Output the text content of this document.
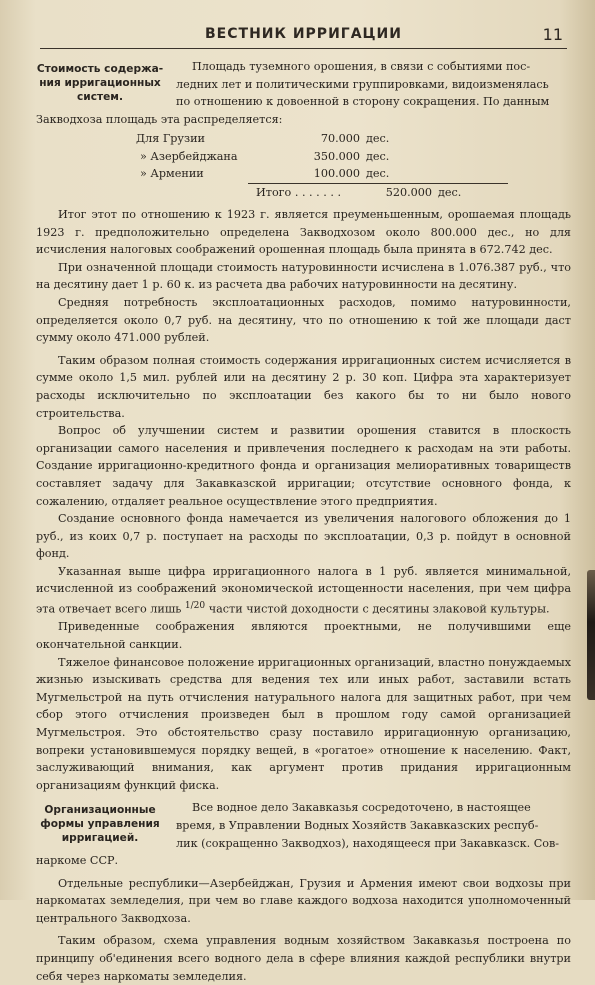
ВЕСТНИК ИРРИГАЦИИ	11
Стоимость содержа-
ния ирригационных
систем.
Площадь туземного орошения, в связи с событиями пос-
ледних лет и политическими группировками, видоизменялась
по отношению к довоенной в сторону сокращения. По данным

Закводхоза площадь эта распределяется:

Для Грузии	70.000 дес.
» Азербейджана	350.000 дес.
» Армении	100.000 дес.
Итого . . . . . . .	520.000 дес.

Итог этот по отношению к 1923 г. является преуменьшенным, орошаемая площадь 1923 г. предположительно определена Закводхозом около 800.000 дес., но для исчисления налоговых соображений орошенная площадь была принята в 672.742 дес.

При означенной площади стоимость натуровинности исчислена в 1.076.387 руб., что на десятину дает 1 р. 60 к. из расчета два рабочих натуровинности на десятину.

Средняя потребность эксплоатационных расходов, помимо натуровинности, определяется около 0,7 руб. на десятину, что по отношению к той же площади даст сумму около 471.000 рублей.

Таким образом полная стоимость содержания ирригационных систем исчисляется в сумме около 1,5 мил. рублей или на десятину 2 р. 30 коп. Цифра эта характеризует расходы исключительно по эксплоатации без какого бы то ни было нового строительства.

Вопрос об улучшении систем и развитии орошения ставится в плоскость организации самого населения и привлечения последнего к расходам на эти работы. Создание ирригационно-кредитного фонда и организация мелиоративных товариществ составляет задачу для Закавказской ирригации; отсутствие основного фонда, к сожалению, отдаляет реальное осуществление этого предприятия.

Создание основного фонда намечается из увеличения налогового обложения до 1 руб., из коих 0,7 р. поступает на расходы по эксплоатации, 0,3 р. пойдут в основной фонд.

Указанная выше цифра ирригационного налога в 1 руб. является минимальной, исчисленной из соображений экономической истощенности населения, при чем цифра эта отвечает всего лишь $^{1/20}$ части чистой доходности с десятины злаковой культуры.

Приведенные соображения являются проектными, не получившими еще окончательной санкции.

Тяжелое финансовое положение ирригационных организаций, властно понуждаемых жизнью изыскивать средства для ведения тех или иных работ, заставили встать Мугмельстрой на путь отчисления натурального налога для защитных работ, при чем сбор этого отчисления произведен был в прошлом году самой организацией Мугмельстроя. Это обстоятельство сразу поставило ирригационную организацию, вопреки установившемуся порядку вещей, в «рогатое» отношение к населению. Факт, заслуживающий внимания, как аргумент против придания ирригационным организациям функций фиска.

Организационные
формы управления
ирригацией.
Все водное дело Закавказья сосредоточено, в настоящее
время, в Управлении Водных Хозяйств Закавказских респуб-
лик (сокращенно Закводхоз), находящееся при Закавказск. Сов-

наркоме ССР.

Отдельные республики—Азербейджан, Грузия и Армения имеют свои водхозы при наркоматах земледелия, при чем во главе каждого водхоза находится уполномоченный центрального Закводхоза.

Таким образом, схема управления водным хозяйством Закавказья построена по принципу об'единения всего водного дела в сфере влияния каждой республики внутри себя через наркоматы земледелия.
